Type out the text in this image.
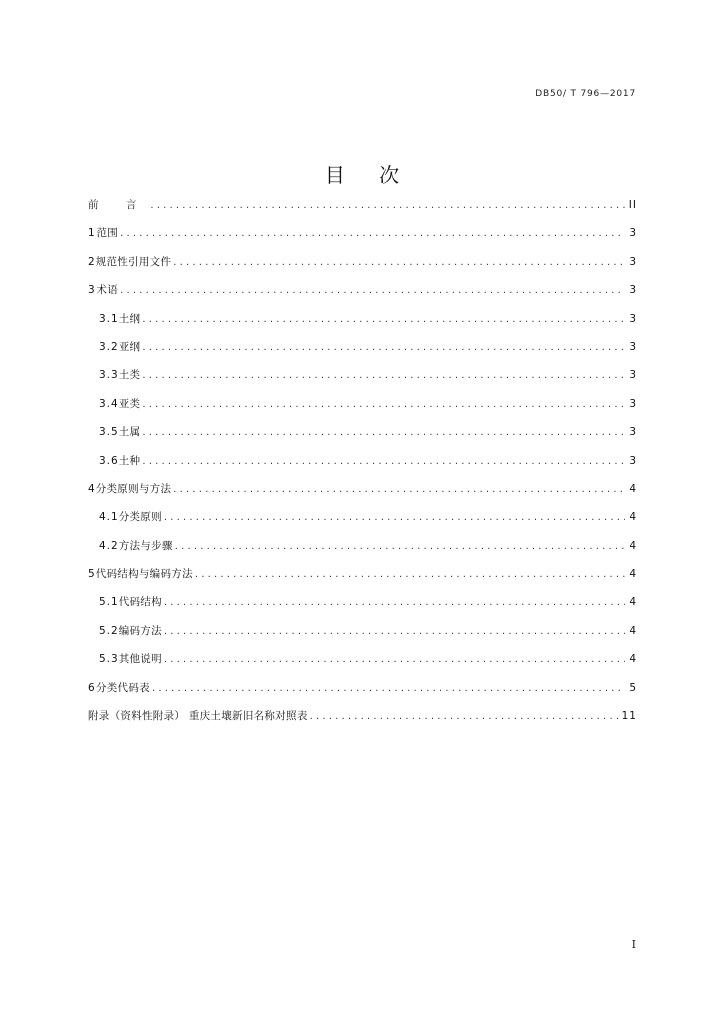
DB50/ T 796—2017
目 次
前 言 .....	II
1 范围 .....	3
2 规范性引用文件 .....	3
3 术语 .....	3
3.1 土纲 .....	3
3.2 亚纲 .....	3
3.3 土类 .....	3
3.4 亚类 .....	3
3.5 土属 .....	3
3.6 土种 .....	3
4 分类原则与方法 .....	4
4.1 分类原则 .....	4
4.2 方法与步骤 .....	4
5 代码结构与编码方法 .....	4
5.1 代码结构 .....	4
5.2 编码方法 .....	4
5.3 其他说明 .....	4
6 分类代码表 .....	5
附录（资料性附录） 重庆土壤新旧名称对照表 .....	11
I
